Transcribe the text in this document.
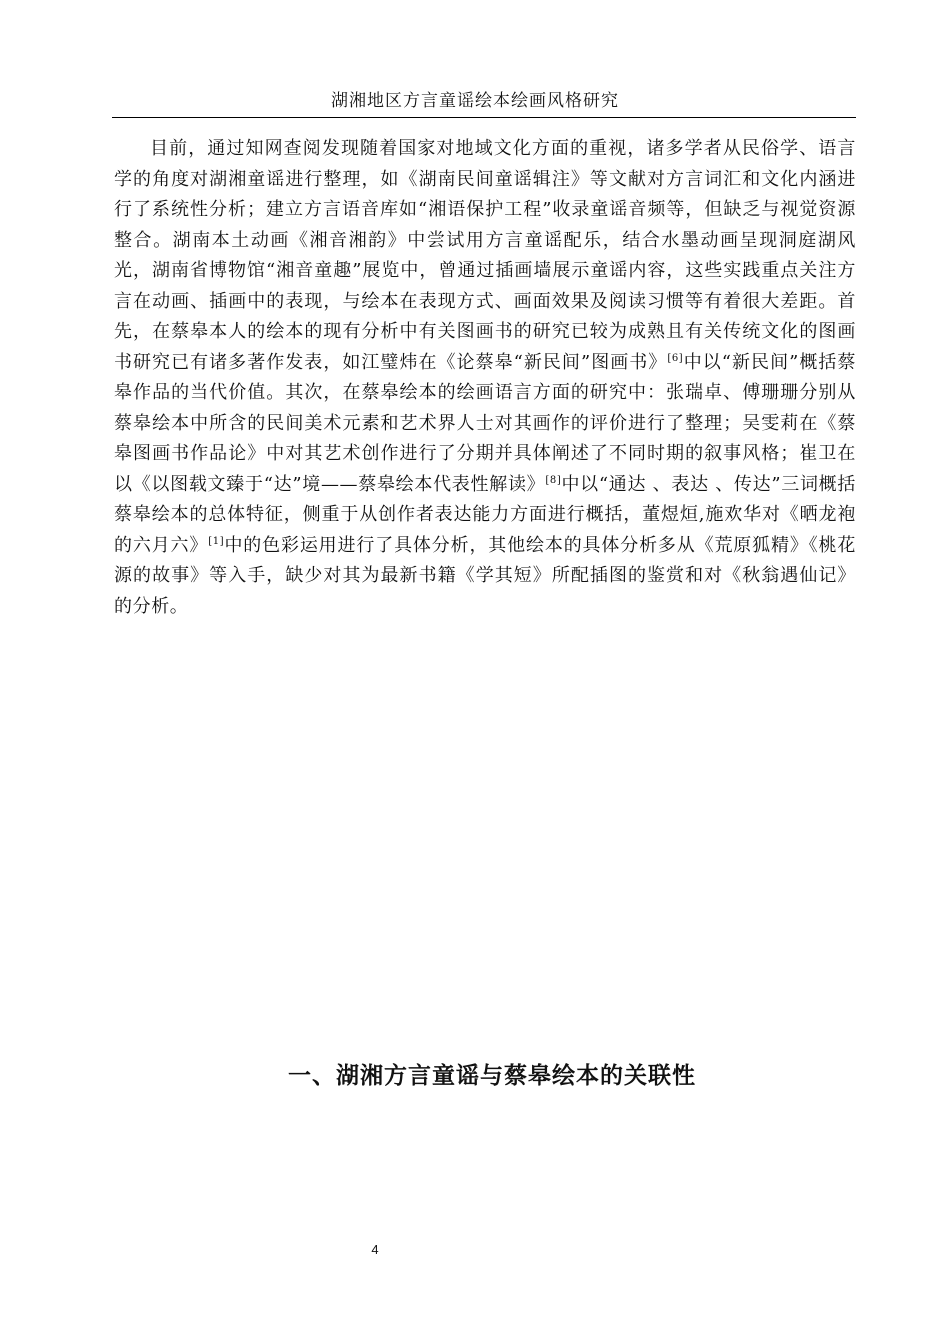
湖湘地区方言童谣绘本绘画风格研究

目前，通过知网查阅发现随着国家对地域文化方面的重视，诸多学者从民俗学、语言学的角度对湖湘童谣进行整理，如《湖南民间童谣辑注》等文献对方言词汇和文化内涵进行了系统性分析；建立方言语音库如“湘语保护工程”收录童谣音频等，但缺乏与视觉资源整合。湖南本土动画《湘音湘韵》中尝试用方言童谣配乐，结合水墨动画呈现洞庭湖风光，湖南省博物馆“湘音童趣”展览中，曾通过插画墙展示童谣内容，这些实践重点关注方言在动画、插画中的表现，与绘本在表现方式、画面效果及阅读习惯等有着很大差距。首先，在蔡皋本人的绘本的现有分析中有关图画书的研究已较为成熟且有关传统文化的图画书研究已有诸多著作发表，如江璧炜在《论蔡皋“新民间”图画书》[6]中以“新民间”概括蔡皋作品的当代价值。其次，在蔡皋绘本的绘画语言方面的研究中：张瑞卓、傅珊珊分别从蔡皋绘本中所含的民间美术元素和艺术界人士对其画作的评价进行了整理；吴雯莉在《蔡皋图画书作品论》中对其艺术创作进行了分期并具体阐述了不同时期的叙事风格；崔卫在以《以图载文臻于“达”境——蔡皋绘本代表性解读》[8]中以“通达 、表达 、传达”三词概括蔡皋绘本的总体特征，侧重于从创作者表达能力方面进行概括，董煜烜,施欢华对《晒龙袍的六月六》[1]中的色彩运用进行了具体分析，其他绘本的具体分析多从《荒原狐精》《桃花源的故事》等入手，缺少对其为最新书籍《学其短》所配插图的鉴赏和对《秋翁遇仙记》的分析。

一、湖湘方言童谣与蔡皋绘本的关联性
4
